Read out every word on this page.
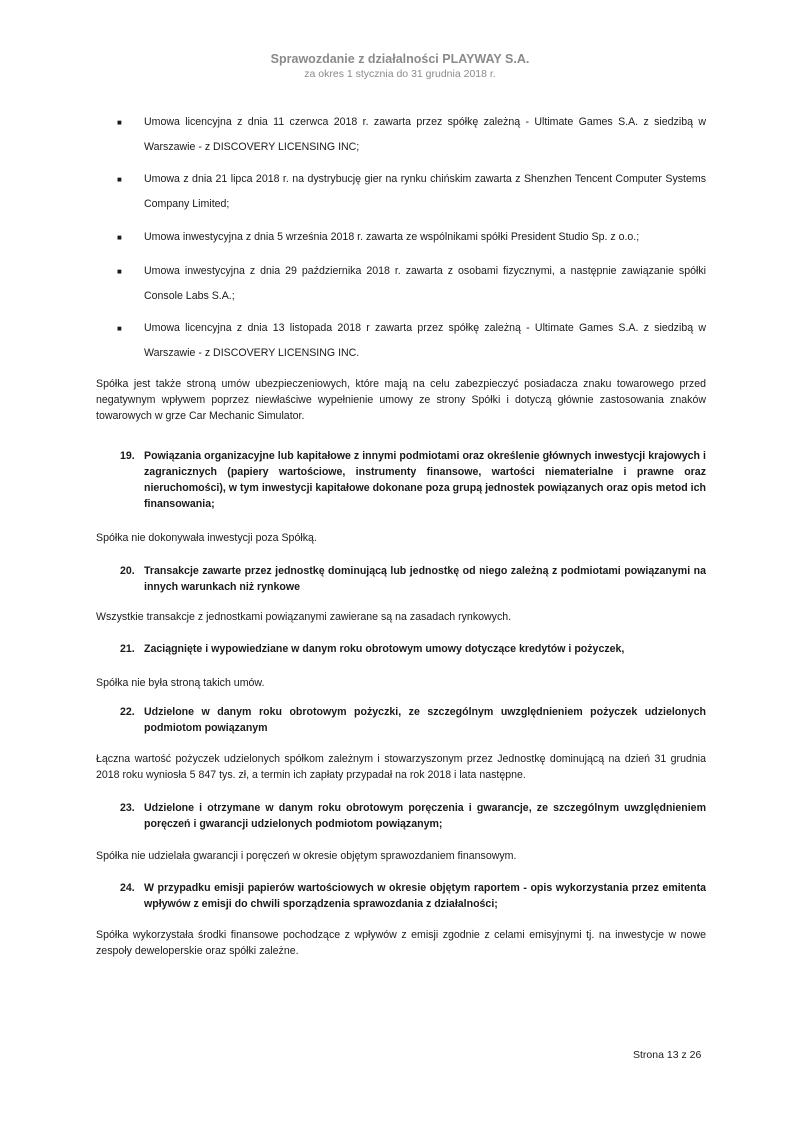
Sprawozdanie z działalności PLAYWAY S.A.
za okres 1 stycznia do 31 grudnia 2018 r.
■ Umowa licencyjna z dnia 11 czerwca 2018 r. zawarta przez spółkę zależną - Ultimate Games S.A. z siedzibą w Warszawie - z DISCOVERY LICENSING INC;
■ Umowa z dnia 21 lipca 2018 r. na dystrybucję gier na rynku chińskim zawarta z Shenzhen Tencent Computer Systems Company Limited;
■ Umowa inwestycyjna z dnia 5 września 2018 r. zawarta ze wspólnikami spółki President Studio Sp. z o.o.;
■ Umowa inwestycyjna z dnia 29 października 2018 r. zawarta z osobami fizycznymi, a następnie zawiązanie spółki Console Labs S.A.;
■ Umowa licencyjna z dnia 13 listopada 2018 r zawarta przez spółkę zależną - Ultimate Games S.A. z siedzibą w Warszawie - z DISCOVERY LICENSING INC.
Spółka jest także stroną umów ubezpieczeniowych, które mają na celu zabezpieczyć posiadacza znaku towarowego przed negatywnym wpływem poprzez niewłaściwe wypełnienie umowy ze strony Spółki i dotyczą głównie zastosowania znaków towarowych w grze Car Mechanic Simulator.
19. Powiązania organizacyjne lub kapitałowe z innymi podmiotami oraz określenie głównych inwestycji krajowych i zagranicznych (papiery wartościowe, instrumenty finansowe, wartości niematerialne i prawne oraz nieruchomości), w tym inwestycji kapitałowe dokonane poza grupą jednostek powiązanych oraz opis metod ich finansowania;
Spółka nie dokonywała inwestycji poza Spółką.
20. Transakcje zawarte przez jednostkę dominującą lub jednostkę od niego zależną z podmiotami powiązanymi na innych warunkach niż rynkowe
Wszystkie transakcje z jednostkami powiązanymi zawierane są na zasadach rynkowych.
21. Zaciągnięte i wypowiedziane w danym roku obrotowym umowy dotyczące kredytów i pożyczek,
Spółka nie była stroną takich umów.
22. Udzielone w danym roku obrotowym pożyczki, ze szczególnym uwzględnieniem pożyczek udzielonych podmiotom powiązanym
Łączna wartość pożyczek udzielonych spółkom zależnym i stowarzyszonym przez Jednostkę dominującą na dzień 31 grudnia 2018 roku wyniosła 5 847 tys. zł, a termin ich zapłaty przypadał na rok 2018 i lata następne.
23. Udzielone i otrzymane w danym roku obrotowym poręczenia i gwarancje, ze szczególnym uwzględnieniem poręczeń i gwarancji udzielonych podmiotom powiązanym;
Spółka nie udzielała gwarancji i poręczeń w okresie objętym sprawozdaniem finansowym.
24. W przypadku emisji papierów wartościowych w okresie objętym raportem - opis wykorzystania przez emitenta wpływów z emisji do chwili sporządzenia sprawozdania z działalności;
Spółka wykorzystała środki finansowe pochodzące z wpływów z emisji zgodnie z celami emisyjnymi tj. na inwestycje w nowe zespoły deweloperskie oraz spółki zależne.
Strona 13 z 26
